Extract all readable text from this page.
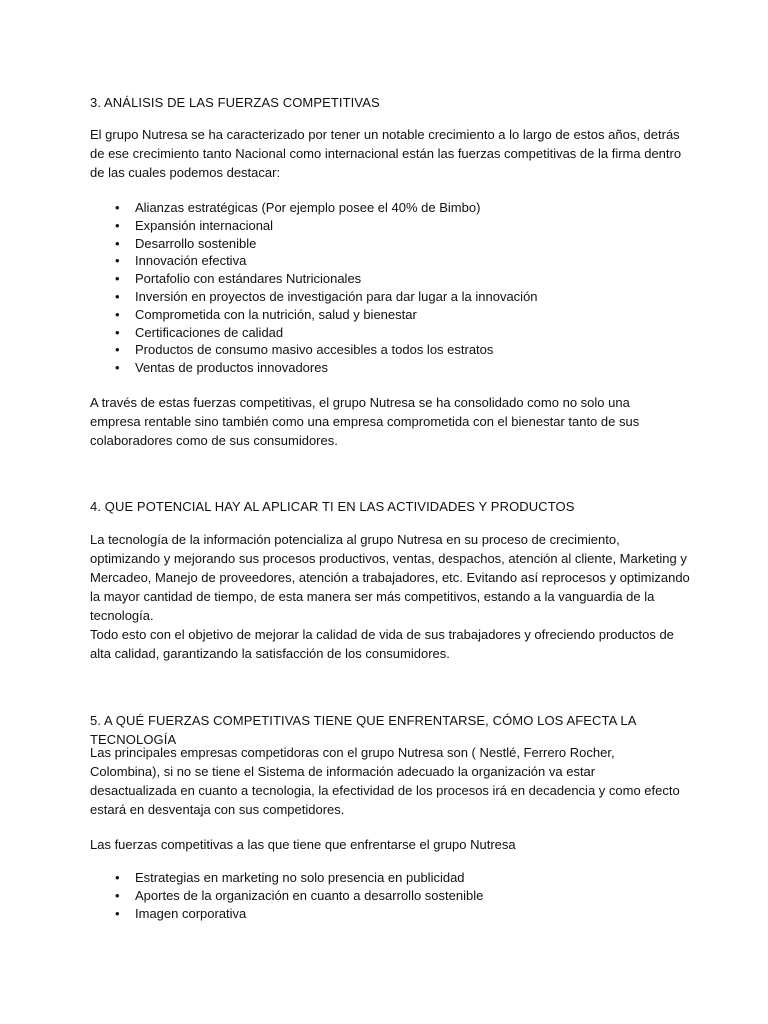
3. ANÁLISIS DE LAS FUERZAS COMPETITIVAS

El grupo Nutresa se ha caracterizado por tener un notable crecimiento a lo largo de estos años, detrás de ese crecimiento tanto Nacional como internacional están las fuerzas competitivas de la firma dentro de las cuales podemos destacar:

• Alianzas estratégicas (Por ejemplo posee el 40% de Bimbo)
• Expansión internacional
• Desarrollo sostenible
• Innovación efectiva
• Portafolio con estándares Nutricionales
• Inversión en proyectos de investigación para dar lugar a la innovación
• Comprometida con la nutrición, salud y bienestar
• Certificaciones de calidad
• Productos de consumo masivo accesibles a todos los estratos
• Ventas de productos innovadores

A través de estas fuerzas competitivas, el grupo Nutresa se ha consolidado como no solo una empresa rentable sino también como una empresa comprometida con el bienestar tanto de sus colaboradores como de sus consumidores.

4. QUE POTENCIAL HAY AL APLICAR TI EN LAS ACTIVIDADES Y PRODUCTOS

La tecnología de la información potencializa al grupo Nutresa en su proceso de crecimiento, optimizando y mejorando sus procesos productivos, ventas, despachos, atención al cliente, Marketing y Mercadeo, Manejo de proveedores, atención a trabajadores, etc. Evitando así reprocesos y optimizando la mayor cantidad de tiempo, de esta manera ser más competitivos, estando a la vanguardia de la tecnología.

Todo esto con el objetivo de mejorar la calidad de vida de sus trabajadores y ofreciendo productos de alta calidad, garantizando la satisfacción de los consumidores.

5. A QUÉ FUERZAS COMPETITIVAS TIENE QUE ENFRENTARSE, CÓMO LOS AFECTA LA TECNOLOGÍA

Las principales empresas competidoras con el grupo Nutresa son ( Nestlé, Ferrero Rocher, Colombina), si no se tiene el Sistema de información adecuado la organización va estar desactualizada en cuanto a tecnologia, la efectividad de los procesos irá en decadencia y como efecto estará en desventaja con sus competidores.

Las fuerzas competitivas a las que tiene que enfrentarse el grupo Nutresa

• Estrategias en marketing no solo presencia en publicidad
• Aportes de la organización en cuanto a desarrollo sostenible
• Imagen corporativa
